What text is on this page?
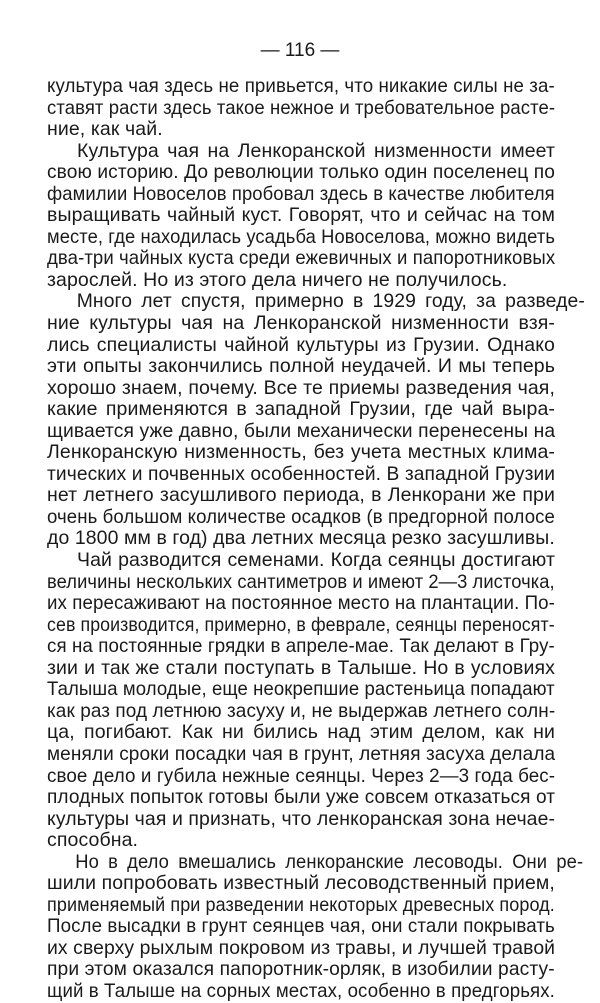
— 116 —
культура чая здесь не привьется, что никакие силы не за-
ставят расти здесь такое нежное и требовательное расте-
ние, как чай.
Культура чая на Ленкоранской низменности имеет
свою историю. До революции только один поселенец по
фамилии Новоселов пробовал здесь в качестве любителя
выращивать чайный куст. Говорят, что и сейчас на том
месте, где находилась усадьба Новоселова, можно видеть
два-три чайных куста среди ежевичных и папоротниковых
зарослей. Но из этого дела ничего не получилось.
Много лет спустя, примерно в 1929 году, за разведе-
ние культуры чая на Ленкоранской низменности взя-
лись специалисты чайной культуры из Грузии. Однако
эти опыты закончились полной неудачей. И мы теперь
хорошо знаем, почему. Все те приемы разведения чая,
какие применяются в западной Грузии, где чай выра-
щивается уже давно, были механически перенесены на
Ленкоранскую низменность, без учета местных клима-
тических и почвенных особенностей. В западной Грузии
нет летнего засушливого периода, в Ленкорани же при
очень большом количестве осадков (в предгорной полосе
до 1800 мм в год) два летних месяца резко засушливы.
Чай разводится семенами. Когда сеянцы достигают
величины нескольких сантиметров и имеют 2—3 листочка,
их пересаживают на постоянное место на плантации. По-
сев производится, примерно, в феврале, сеянцы переносят-
ся на постоянные грядки в апреле-мае. Так делают в Гру-
зии и так же стали поступать в Талыше. Но в условиях
Талыша молодые, еще неокрепшие растеньица попадают
как раз под летнюю засуху и, не выдержав летнего солн-
ца, погибают. Как ни бились над этим делом, как ни
меняли сроки посадки чая в грунт, летняя засуха делала
свое дело и губила нежные сеянцы. Через 2—3 года бес-
плодных попыток готовы были уже совсем отказаться от
культуры чая и признать, что ленкоранская зона нечае-
способна.
Но в дело вмешались ленкоранские лесоводы. Они ре-
шили попробовать известный лесоводственный прием,
применяемый при разведении некоторых древесных пород.
После высадки в грунт сеянцев чая, они стали покрывать
их сверху рыхлым покровом из травы, и лучшей травой
при этом оказался папоротник-орляк, в изобилии расту-
щий в Талыше на сорных местах, особенно в предгорьях.
